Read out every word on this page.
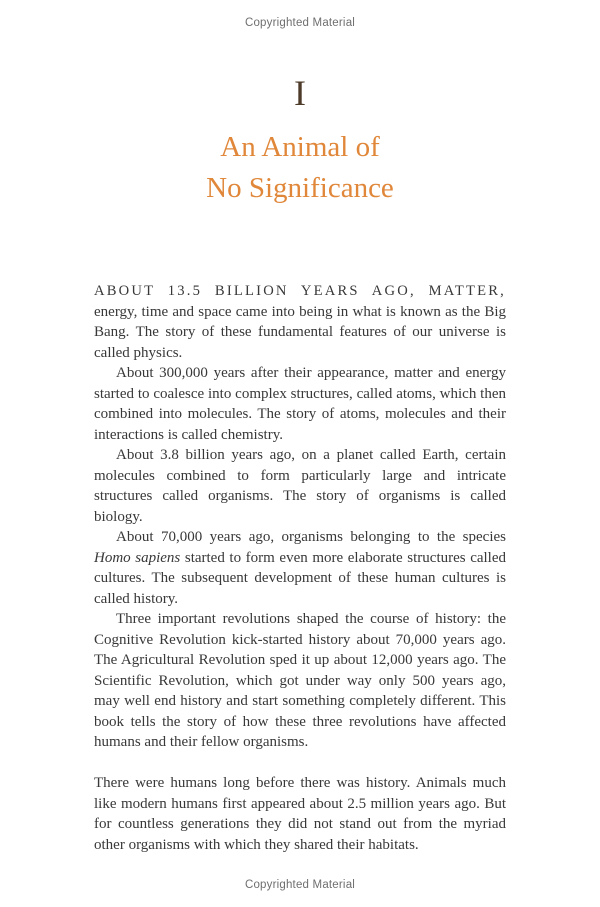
Copyrighted Material
I
An Animal of
No Significance

ABOUT 13.5 BILLION YEARS AGO, MATTER, energy, time and space came into being in what is known as the Big Bang. The story of these fundamental features of our universe is called physics.

About 300,000 years after their appearance, matter and energy started to coalesce into complex structures, called atoms, which then combined into molecules. The story of atoms, molecules and their interactions is called chemistry.

About 3.8 billion years ago, on a planet called Earth, certain molecules combined to form particularly large and intricate structures called organisms. The story of organisms is called biology.

About 70,000 years ago, organisms belonging to the species Homo sapiens started to form even more elaborate structures called cultures. The subsequent development of these human cultures is called history.

Three important revolutions shaped the course of history: the Cognitive Revolution kick-started history about 70,000 years ago. The Agricultural Revolution sped it up about 12,000 years ago. The Scientific Revolution, which got under way only 500 years ago, may well end history and start something completely different. This book tells the story of how these three revolutions have affected humans and their fellow organisms.

There were humans long before there was history. Animals much like modern humans first appeared about 2.5 million years ago. But for countless generations they did not stand out from the myriad other organisms with which they shared their habitats.

Copyrighted Material
